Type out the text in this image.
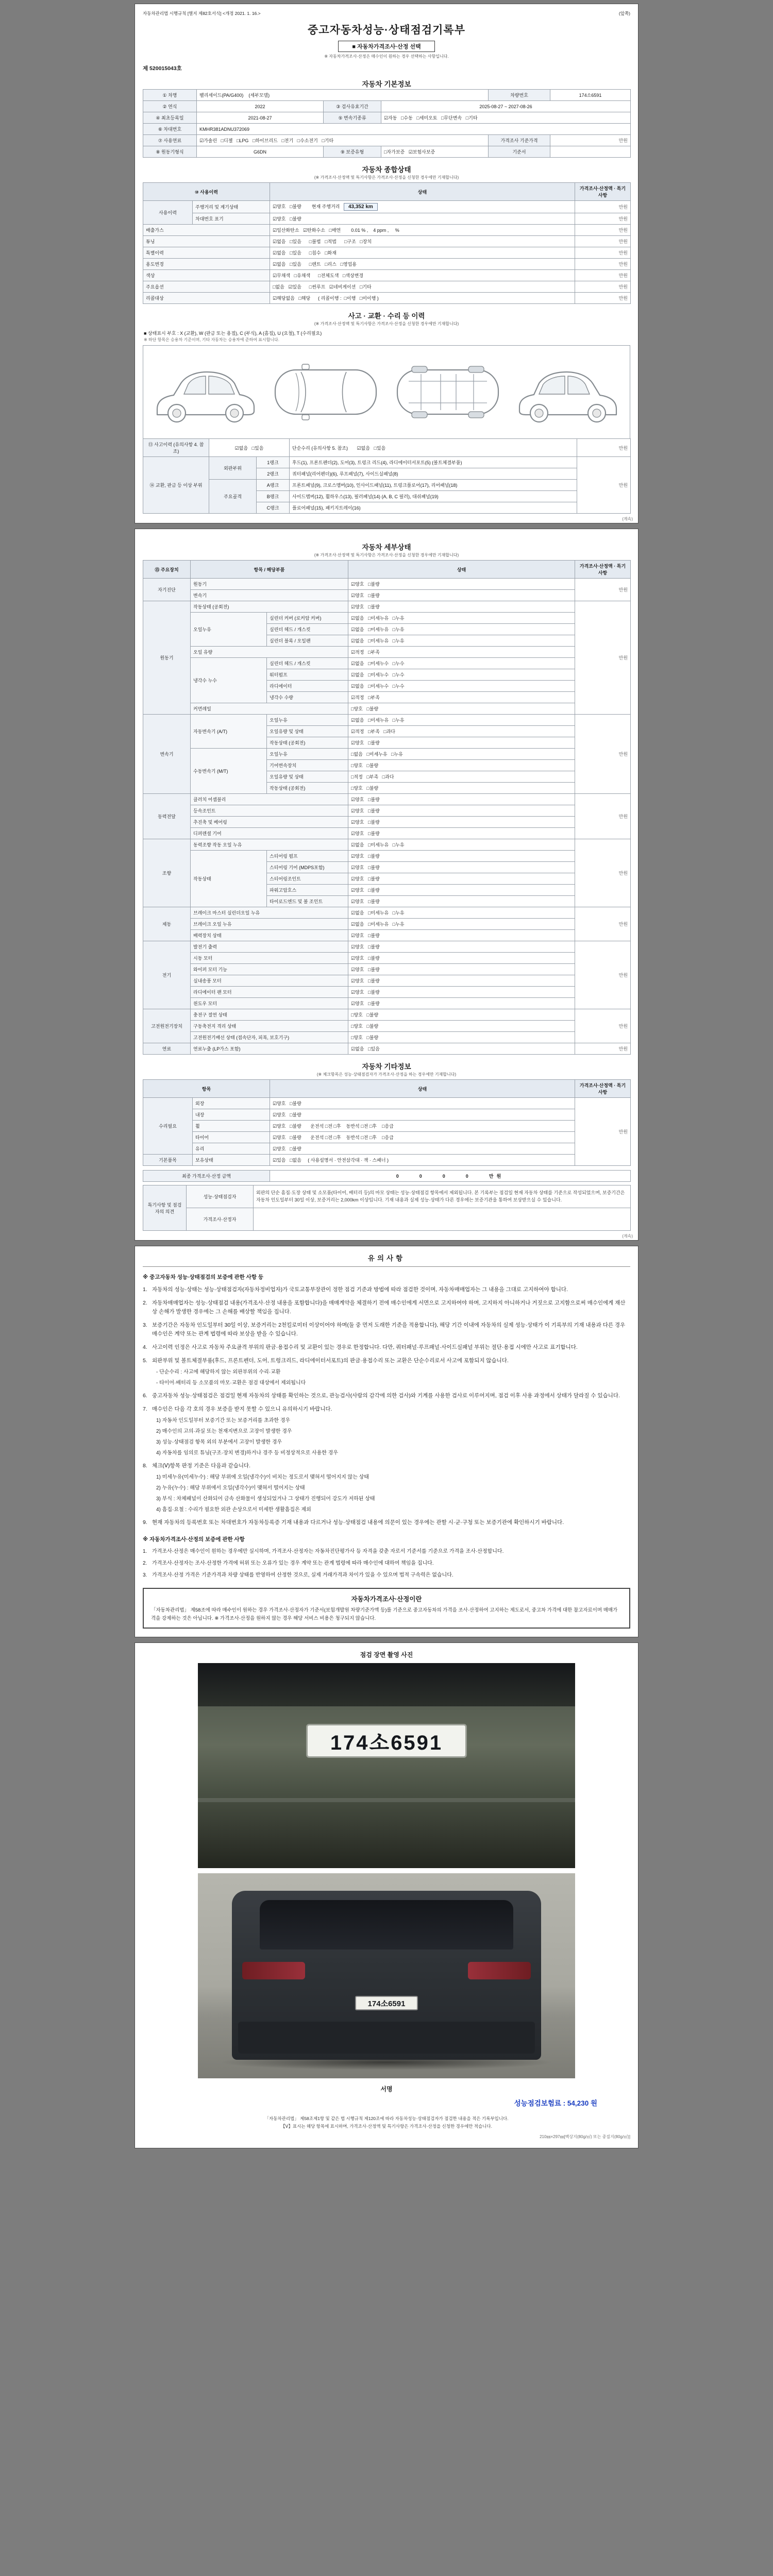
자동차관리법 시행규칙 [별지 제82호서식] <개정 2021. 1. 16.>	(앞쪽)
중고자동차성능·상태점검기록부
■ 자동차가격조사·산정 선택
※ 자동차가격조사·산정은 매수인이 원하는 경우 선택하는 사항입니다.
제 520015043호
자동차 기본정보
① 차명	팰리세이드(PA/G400)    (세부모델)			차량번호	174소6591
② 연식	2022	③ 검사유효기간	2025-08-27 ~ 2027-08-26		
④ 최초등록일	2021-08-27	⑤ 변속기종류	☑자동   □수동   □세미오토   □무단변속   □기타		
⑥ 차대번호	KMHR381ADNU372069				
⑦ 사용연료	☑가솔린   □디젤   □LPG   □하이브리드   □전기   □수소전기   □기타			가격조사 기준가격	만원
⑧ 원동기형식	G6DN	⑨ 보증유형	□자가보증   ☑보험사보증	기준서	
자동차 종합상태
(※ 가격조사·산정액 및 특기사항은 가격조사·산정을 신청한 경우에만 기재합니다)
⑩ 사용이력		상태	가격조사·산정액 · 특기사항
사용이력	주행거리 및 계기상태	☑양호   □불량        현재 주행거리   43,352 km	만원
	차대번호 표기	☑양호   □불량	만원
배출가스		☑일산화탄소   ☑탄화수소   □매연        0.01 % ,    4 ppm ,     %	만원
튜닝		☑없음   □있음      □불법   □적법      □구조   □장치	만원
특별이력		☑없음   □있음      □침수   □화재	만원
용도변경		☑없음   □있음      □렌트   □리스   □영업용	만원
색상		☑무채색   □유채색      □전체도색   □색상변경	만원
주요옵션		□없음   ☑있음      □썬루프   ☑네비게이션   □기타	만원
리콜대상		☑해당없음   □해당      ( 리콜이행 :  □이행   □미이행 )	만원
사고 · 교환 · 수리 등 이력
(※ 가격조사·산정액 및 특기사항은 가격조사·산정을 신청한 경우에만 기재합니다)
■ 상태표시 부호 : X (교환), W (판금 또는 용접), C (부식), A (흠집), U (요철), T (수리필요)
※ 하단 항목은 승용차 기준이며, 기타 자동차는 승용차에 준하여 표시합니다.
⑬ 사고이력 (유의사항 4. 참조)	☑없음   □있음		단순수리 (유의사항 5. 참조)       ☑없음   □있음	만원
⑭ 교환, 판금 등 이상 부위	외판부위	1랭크	후드(1), 프론트펜더(2), 도어(3), 트렁크 리드(4), 라디에이터서포트(5) (볼트체결부품)	만원
		2랭크	쿼터패널(리어펜더)(6), 루프패널(7), 사이드실패널(8)	
	주요골격	A랭크	프론트패널(9), 크로스멤버(10), 인사이드패널(11), 트렁크플로어(17), 리어패널(18)	
		B랭크	사이드멤버(12), 휠하우스(13), 필러패널(14) (A, B, C 필러), 대쉬패널(19)	
		C랭크	플로어패널(15), 패키지트레이(16)	
(계속)
자동차 세부상태
(※ 가격조사·산정액 및 특기사항은 가격조사·산정을 신청한 경우에만 기재합니다)
⑮ 주요장치	항목 / 해당부품		상태	가격조사·산정액 · 특기사항
자기진단	원동기		☑양호   □불량	만원
	변속기		☑양호   □불량	
원동기	작동상태 (공회전)		☑양호   □불량	만원
	오일누유	실린더 커버 (로커암 커버)	☑없음   □미세누유   □누유	
		실린더 헤드 / 개스킷	☑없음   □미세누유   □누유	
		실린더 블록 / 오일팬	☑없음   □미세누유   □누유	
	오일 유량		☑적정   □부족	
	냉각수 누수	실린더 헤드 / 개스킷	☑없음   □미세누수   □누수	
		워터펌프	☑없음   □미세누수   □누수	
		라디에이터	☑없음   □미세누수   □누수	
		냉각수 수량	☑적정   □부족	
	커먼레일		□양호   □불량	
변속기	자동변속기 (A/T)	오일누유	☑없음   □미세누유   □누유	만원
		오일유량 및 상태	☑적정   □부족   □과다	
		작동상태 (공회전)	☑양호   □불량	
	수동변속기 (M/T)	오일누유	□없음   □미세누유   □누유	
		기어변속장치	□양호   □불량	
		오일유량 및 상태	□적정   □부족   □과다	
		작동상태 (공회전)	□양호   □불량	
동력전달	클러치 어셈블리		☑양호   □불량	만원
	등속조인트		☑양호   □불량	
	추진축 및 베어링		☑양호   □불량	
	디퍼렌셜 기어		☑양호   □불량	
조향	동력조향 작동 오일 누유		☑없음   □미세누유   □누유	만원
	작동상태	스티어링 펌프	☑양호   □불량	
		스티어링 기어 (MDPS포함)	☑양호   □불량	
		스티어링조인트	☑양호   □불량	
		파워고압호스	☑양호   □불량	
		타이로드엔드 및 볼 조인트	☑양호   □불량	
제동	브레이크 마스터 실린더오일 누유		☑없음   □미세누유   □누유	만원
	브레이크 오일 누유		☑없음   □미세누유   □누유	
	배력장치 상태		☑양호   □불량	
전기	발전기 출력		☑양호   □불량	만원
	시동 모터		☑양호   □불량	
	와이퍼 모터 기능		☑양호   □불량	
	실내송풍 모터		☑양호   □불량	
	라디에이터 팬 모터		☑양호   □불량	
	윈도우 모터		☑양호   □불량	
고전원전기장치	충전구 절연 상태		□양호   □불량	만원
	구동축전지 격리 상태		□양호   □불량	
	고전원전기배선 상태 (접속단자, 피복, 보호기구)		□양호   □불량	
연료	연료누출 (LP가스 포함)		☑없음   □있음	만원
자동차 기타정보
(※ 체크항목은 성능·상태점검자가 가격조사·산정을 하는 경우에만 기재합니다)
항목		상태	가격조사·산정액 · 특기사항
수리필요	외장	☑양호   □불량	만원
	내장	☑양호   □불량	
	휠	☑양호   □불량       운전석 □전 □후    동반석 □전 □후    □응급	
	타이어	☑양호   □불량       운전석 □전 □후    동반석 □전 □후    □응급	
	유리	☑양호   □불량	
기본품목	보유상태	☑있음   □없음     ( 사용설명서 · 안전삼각대 · 잭 · 스패너 )	
최종 가격조사·산정 금액	0    0    0    0    만원
특기사항 및 점검자의 의견	성능·상태점검자	외판의 단순 흠집·도장 상태 및 소모품(타이어, 배터리 등)의 마모 상태는 성능·상태점검 항목에서 제외됩니다. 본 기록부는 점검일 현재 자동차 상태를 기준으로 작성되었으며, 보증기간은 자동차 인도일부터 30일 이상, 보증거리는 2,000km 이상입니다. 기재 내용과 실제 성능·상태가 다른 경우에는 보증기관을 통하여 보상받으실 수 있습니다.
	가격조사·산정자	
(계속)
유의사항
※ 중고자동차 성능·상태점검의 보증에 관한 사항 등
1. 자동차의 성능·상태는 성능·상태점검자(자동차정비업자)가 국토교통부장관이 정한 점검 기준과 방법에 따라 점검한 것이며, 자동차매매업자는 그 내용을 그대로 고지하여야 합니다.
2. 자동차매매업자는 성능·상태점검 내용(가격조사·산정 내용을 포함합니다)을 매매계약을 체결하기 전에 매수인에게 서면으로 고지하여야 하며, 고지하지 아니하거나 거짓으로 고지함으로써 매수인에게 재산상 손해가 발생한 경우에는 그 손해를 배상할 책임을 집니다.
3. 보증기간은 자동차 인도일부터 30일 이상, 보증거리는 2천킬로미터 이상이어야 하며(둘 중 먼저 도래한 기준을 적용합니다), 해당 기간 이내에 자동차의 실제 성능·상태가 이 기록부의 기재 내용과 다른 경우 매수인은 계약 또는 관계 법령에 따라 보상을 받을 수 있습니다.
4. 사고이력 인정은 사고로 자동차 주요골격 부위의 판금·용접수리 및 교환이 있는 경우로 한정합니다. 다만, 쿼터패널·루프패널·사이드실패널 부위는 절단·용접 시에만 사고로 표기합니다.
5. 외판부위 및 볼트체결부품(후드, 프론트펜더, 도어, 트렁크리드, 라디에이터서포트)의 판금·용접수리 또는 교환은 단순수리로서 사고에 포함되지 않습니다.
- 단순수리 : 사고에 해당하지 않는 외판부위의 수리·교환
- 타이어·배터리 등 소모품의 마모·교환은 점검 대상에서 제외됩니다
6. 중고자동차 성능·상태점검은 점검일 현재 자동차의 상태를 확인하는 것으로, 관능검사(사람의 감각에 의한 검사)와 기계를 사용한 검사로 이루어지며, 점검 이후 사용 과정에서 상태가 달라질 수 있습니다.
7. 매수인은 다음 각 호의 경우 보증을 받지 못할 수 있으니 유의하시기 바랍니다.
1) 자동차 인도일부터 보증기간 또는 보증거리를 초과한 경우
2) 매수인의 고의·과실 또는 천재지변으로 고장이 발생한 경우
3) 성능·상태점검 항목 외의 부분에서 고장이 발생한 경우
4) 자동차를 임의로 튜닝(구조·장치 변경)하거나 경주 등 비정상적으로 사용한 경우
8. 체크(Ⅴ)항목 판정 기준은 다음과 같습니다.
1) 미세누유(미세누수) : 해당 부위에 오일(냉각수)이 비치는 정도로서 맺혀서 떨어지지 않는 상태
2) 누유(누수) : 해당 부위에서 오일(냉각수)이 맺혀서 떨어지는 상태
3) 부식 : 차체패널이 산화되어 금속 산화물이 생성되었거나 그 상태가 진행되어 강도가 저하된 상태
4) 흠집·요철 : 수리가 필요한 외관 손상으로서 미세한 생활흠집은 제외
9. 현재 자동차의 등록번호 또는 차대번호가 자동차등록증 기재 내용과 다르거나 성능·상태점검 내용에 의문이 있는 경우에는 관할 시·군·구청 또는 보증기관에 확인하시기 바랍니다.
※ 자동차가격조사·산정의 보증에 관한 사항
1. 가격조사·산정은 매수인이 원하는 경우에만 실시하며, 가격조사·산정자는 자동차진단평가사 등 자격을 갖춘 자로서 기준서를 기준으로 가격을 조사·산정합니다.
2. 가격조사·산정자는 조사·산정한 가격에 허위 또는 오류가 있는 경우 계약 또는 관계 법령에 따라 매수인에 대하여 책임을 집니다.
3. 가격조사·산정 가격은 기준가격과 차량 상태를 반영하여 산정한 것으로, 실제 거래가격과 차이가 있을 수 있으며 법적 구속력은 없습니다.
자동차가격조사·산정이란
「자동차관리법」 제58조에 따라 매수인이 원하는 경우 가격조사·산정자가 기준서(보험개발원 차량기준가액 등)를 기준으로 중고자동차의 가격을 조사·산정하여 고지하는 제도로서, 중고차 가격에 대한 참고자료이며 매매가격을 강제하는 것은 아닙니다. ※ 가격조사·산정을 원하지 않는 경우 해당 서비스 비용은 청구되지 않습니다.
점검 장면 촬영 사진
174소6591
174소6591
서명
성능점검보험료 : 54,230 원
「자동차관리법」 제58조제1항 및 같은 법 시행규칙 제120조에 따라 자동차성능·상태점검자가 점검한 내용을 적은 기록부입니다.
【Ⅴ】표시는 해당 항목에 표시하며, 가격조사·산정액 및 특기사항은 가격조사·산정을 신청한 경우에만 적습니다.
210㎜×297㎜[백상지(80g/㎡) 또는 중질지(80g/㎡)]
